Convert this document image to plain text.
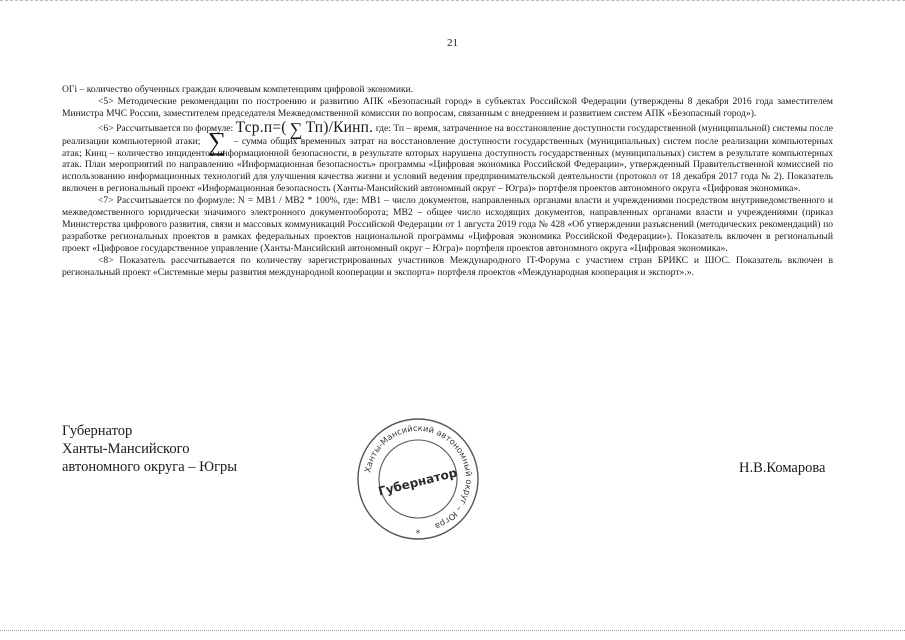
21

ОГi – количество обученных граждан ключевым компетенциям цифровой экономики.

<5> Методические рекомендации по построению и развитию АПК «Безопасный город» в субъектах Российской Федерации (утверждены 8 декабря 2016 года заместителем Министра МЧС России, заместителем председателя Межведомственной комиссии по вопросам, связанным с внедрением и развитием систем АПК «Безопасный город»).

<6> Рассчитывается по формуле: Тср.п=( ∑ Тп)/Кинп. где: Тп – время, затраченное на восстановление доступности государственной (муниципальной) системы после реализации компьютерной атаки; ∑ – сумма общих временных затрат на восстановление доступности государственных (муниципальных) систем после реализации компьютерных атак; Кинц – количество инцидентов информационной безопасности, в результате которых нарушена доступность государственных (муниципальных) систем в результате компьютерных атак. План мероприятий по направлению «Информационная безопасность» программы «Цифровая экономика Российской Федерации», утвержденный Правительственной комиссией по использованию информационных технологий для улучшения качества жизни и условий ведения предпринимательской деятельности (протокол от 18 декабря 2017 года № 2). Показатель включен в региональный проект «Информационная безопасность (Ханты-Мансийский автономный округ – Югра)» портфеля проектов автономного округа «Цифровая экономика».

<7> Рассчитывается по формуле: N = МВ1 / МВ2 * 100%, где: МВ1 – число документов, направленных органами власти и учреждениями посредством внутриведомственного и межведомственного юридически значимого электронного документооборота; МВ2 – общее число исходящих документов, направленных органами власти и учреждениями (приказ Министерства цифрового развития, связи и массовых коммуникаций Российской Федерации от 1 августа 2019 года № 428 «Об утверждении разъяснений (методических рекомендаций) по разработке региональных проектов в рамках федеральных проектов национальной программы «Цифровая экономика Российской Федерации»). Показатель включен в региональный проект «Цифровое государственное управление (Ханты-Мансийский автономный округ – Югра)» портфеля проектов автономного округа «Цифровая экономика».

<8> Показатель рассчитывается по количеству зарегистрированных участников Международного IT-Форума с участием стран БРИКС и ШОС. Показатель включен в региональный проект «Системные меры развития международной кооперации и экспорта» портфеля проектов «Международная кооперация и экспорт».».

Губернатор
Ханты-Мансийского
автономного округа – Югры	Н.В.Комарова
Ханты-Мансийский автономный округ – Югра
Губернатор
*
